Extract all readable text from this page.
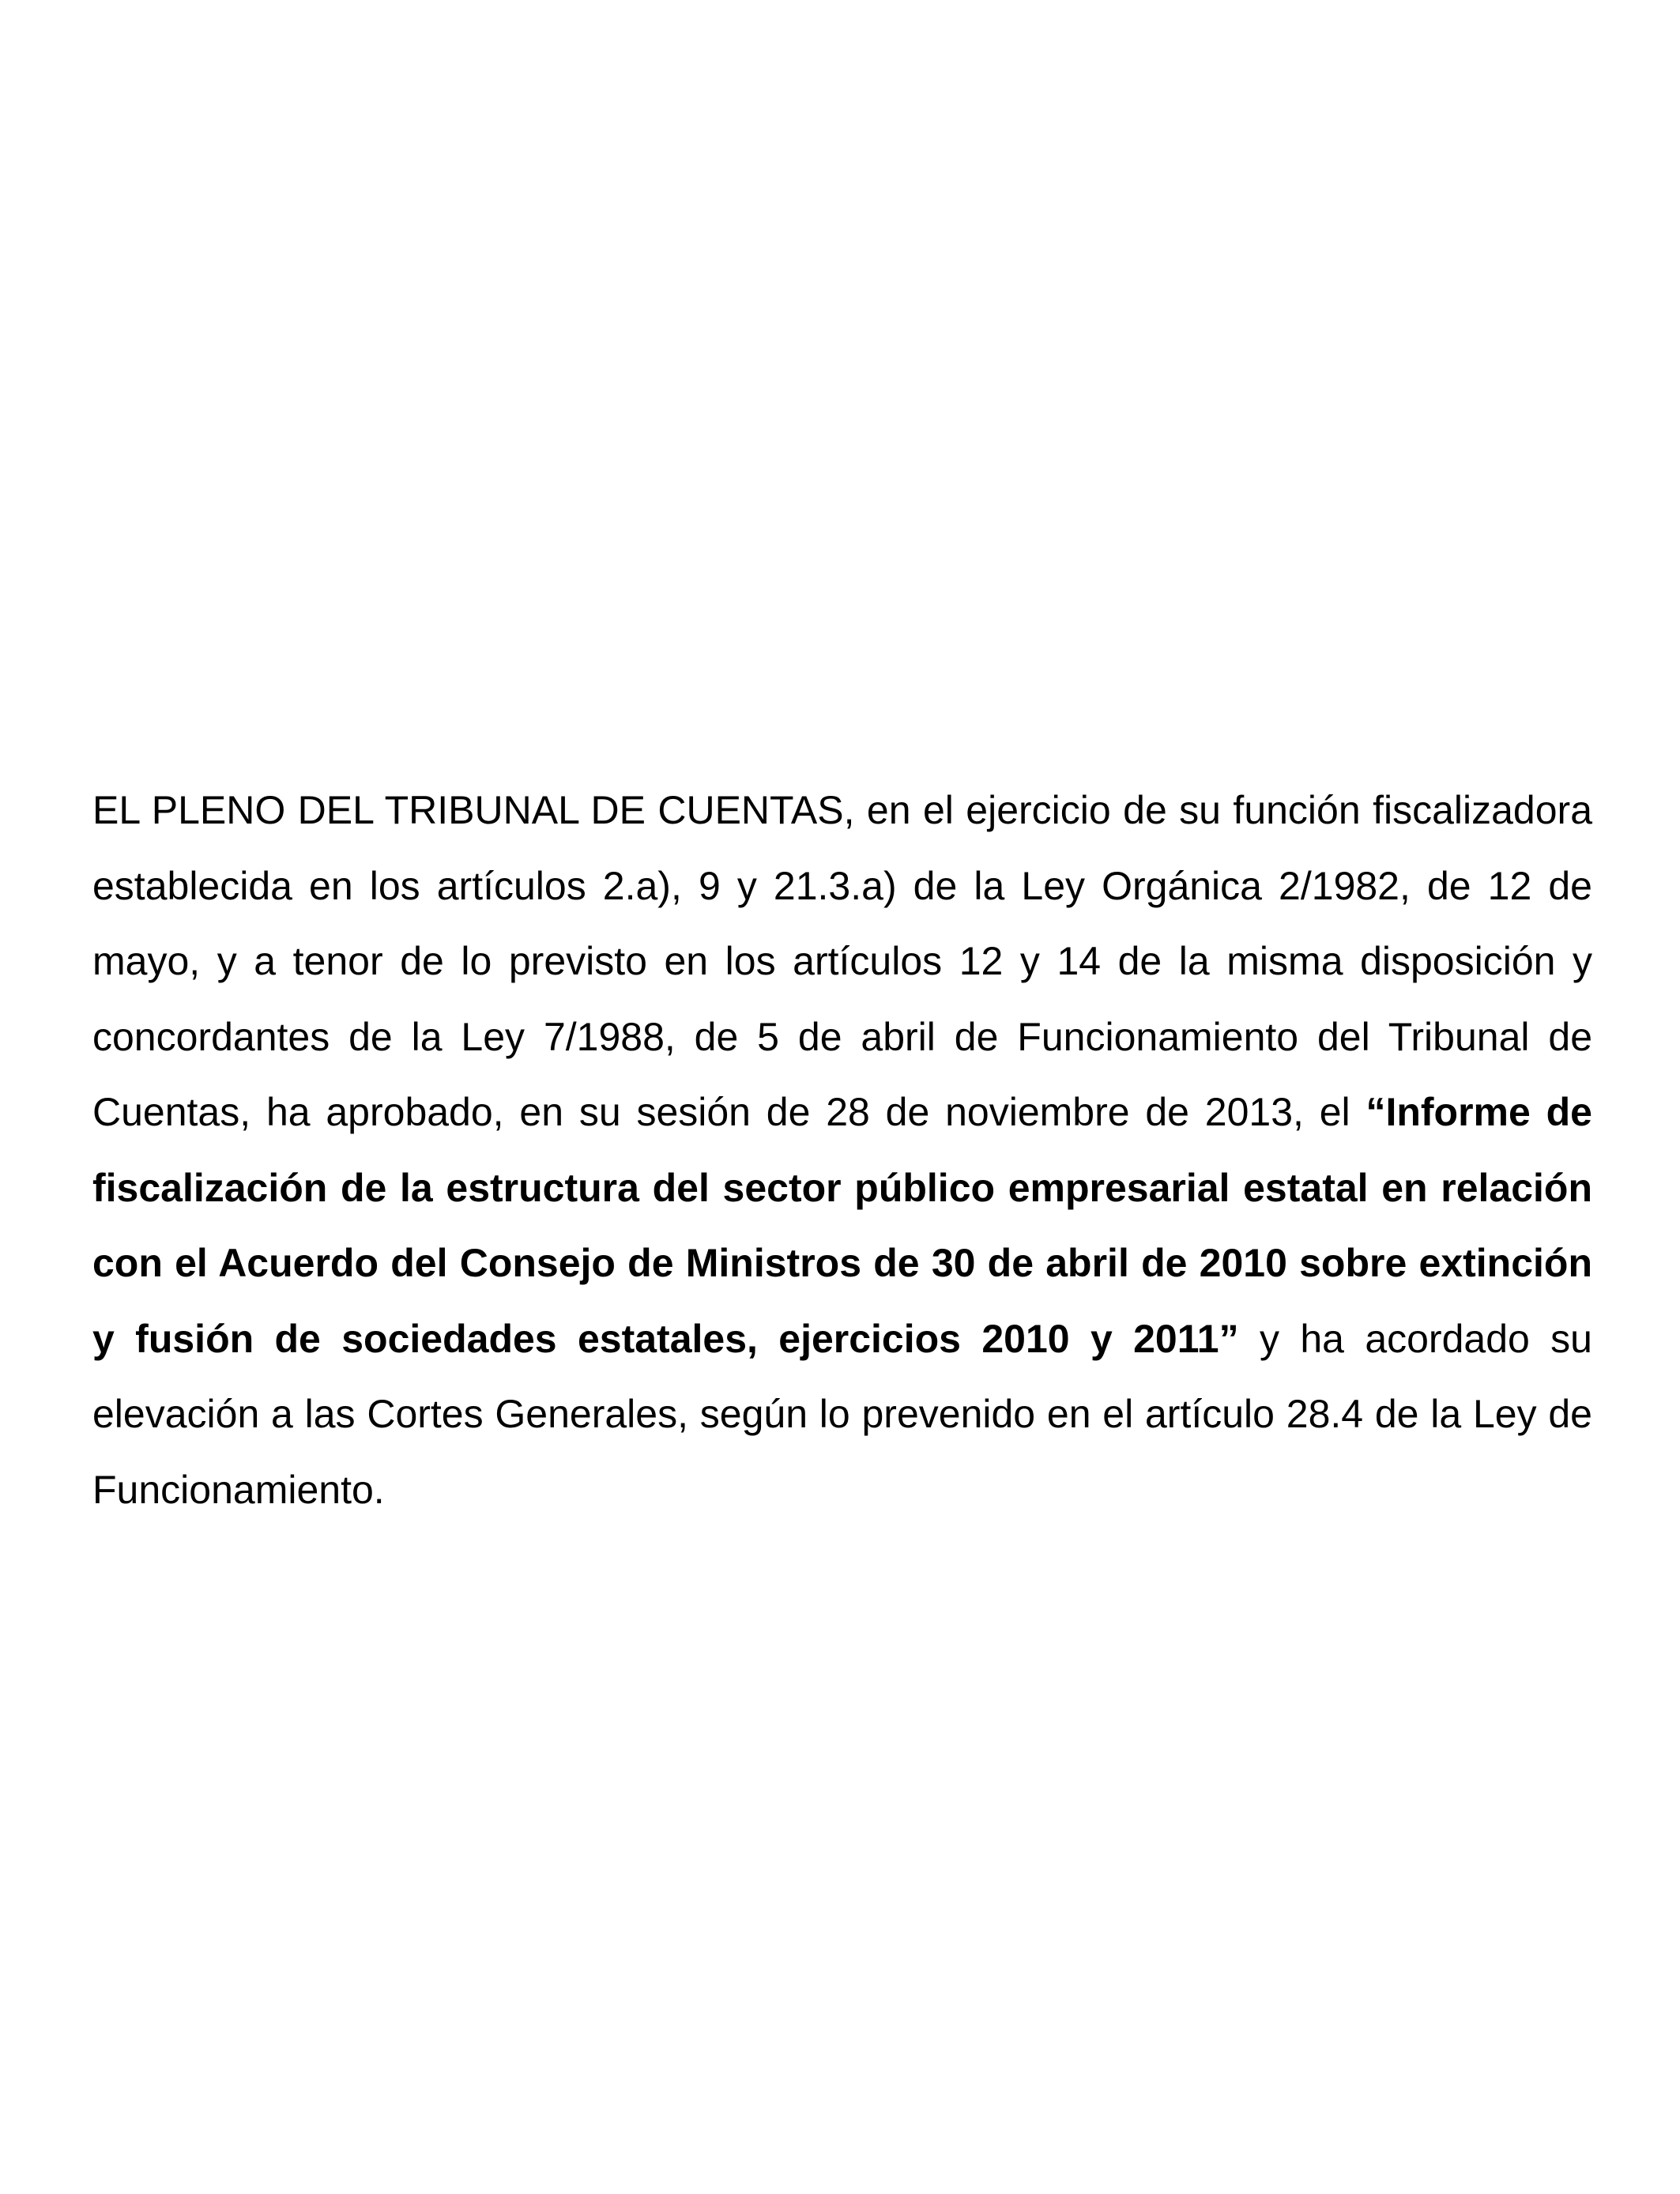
EL PLENO DEL TRIBUNAL DE CUENTAS, en el ejercicio de su función fiscalizadora establecida en los artículos 2.a), 9 y 21.3.a) de la Ley Orgánica 2/1982, de 12 de mayo, y a tenor de lo previsto en los artículos 12 y 14 de la misma disposición y concordantes de la Ley 7/1988, de 5 de abril de Funcionamiento del Tribunal de Cuentas, ha aprobado, en su sesión de 28 de noviembre de 2013, el “Informe de fiscalización de la estructura del sector público empresarial estatal en relación con el Acuerdo del Consejo de Ministros de 30 de abril de 2010 sobre extinción y fusión de sociedades estatales, ejercicios 2010 y 2011” y ha acordado su elevación a las Cortes Generales, según lo prevenido en el artículo 28.4 de la Ley de Funcionamiento.
